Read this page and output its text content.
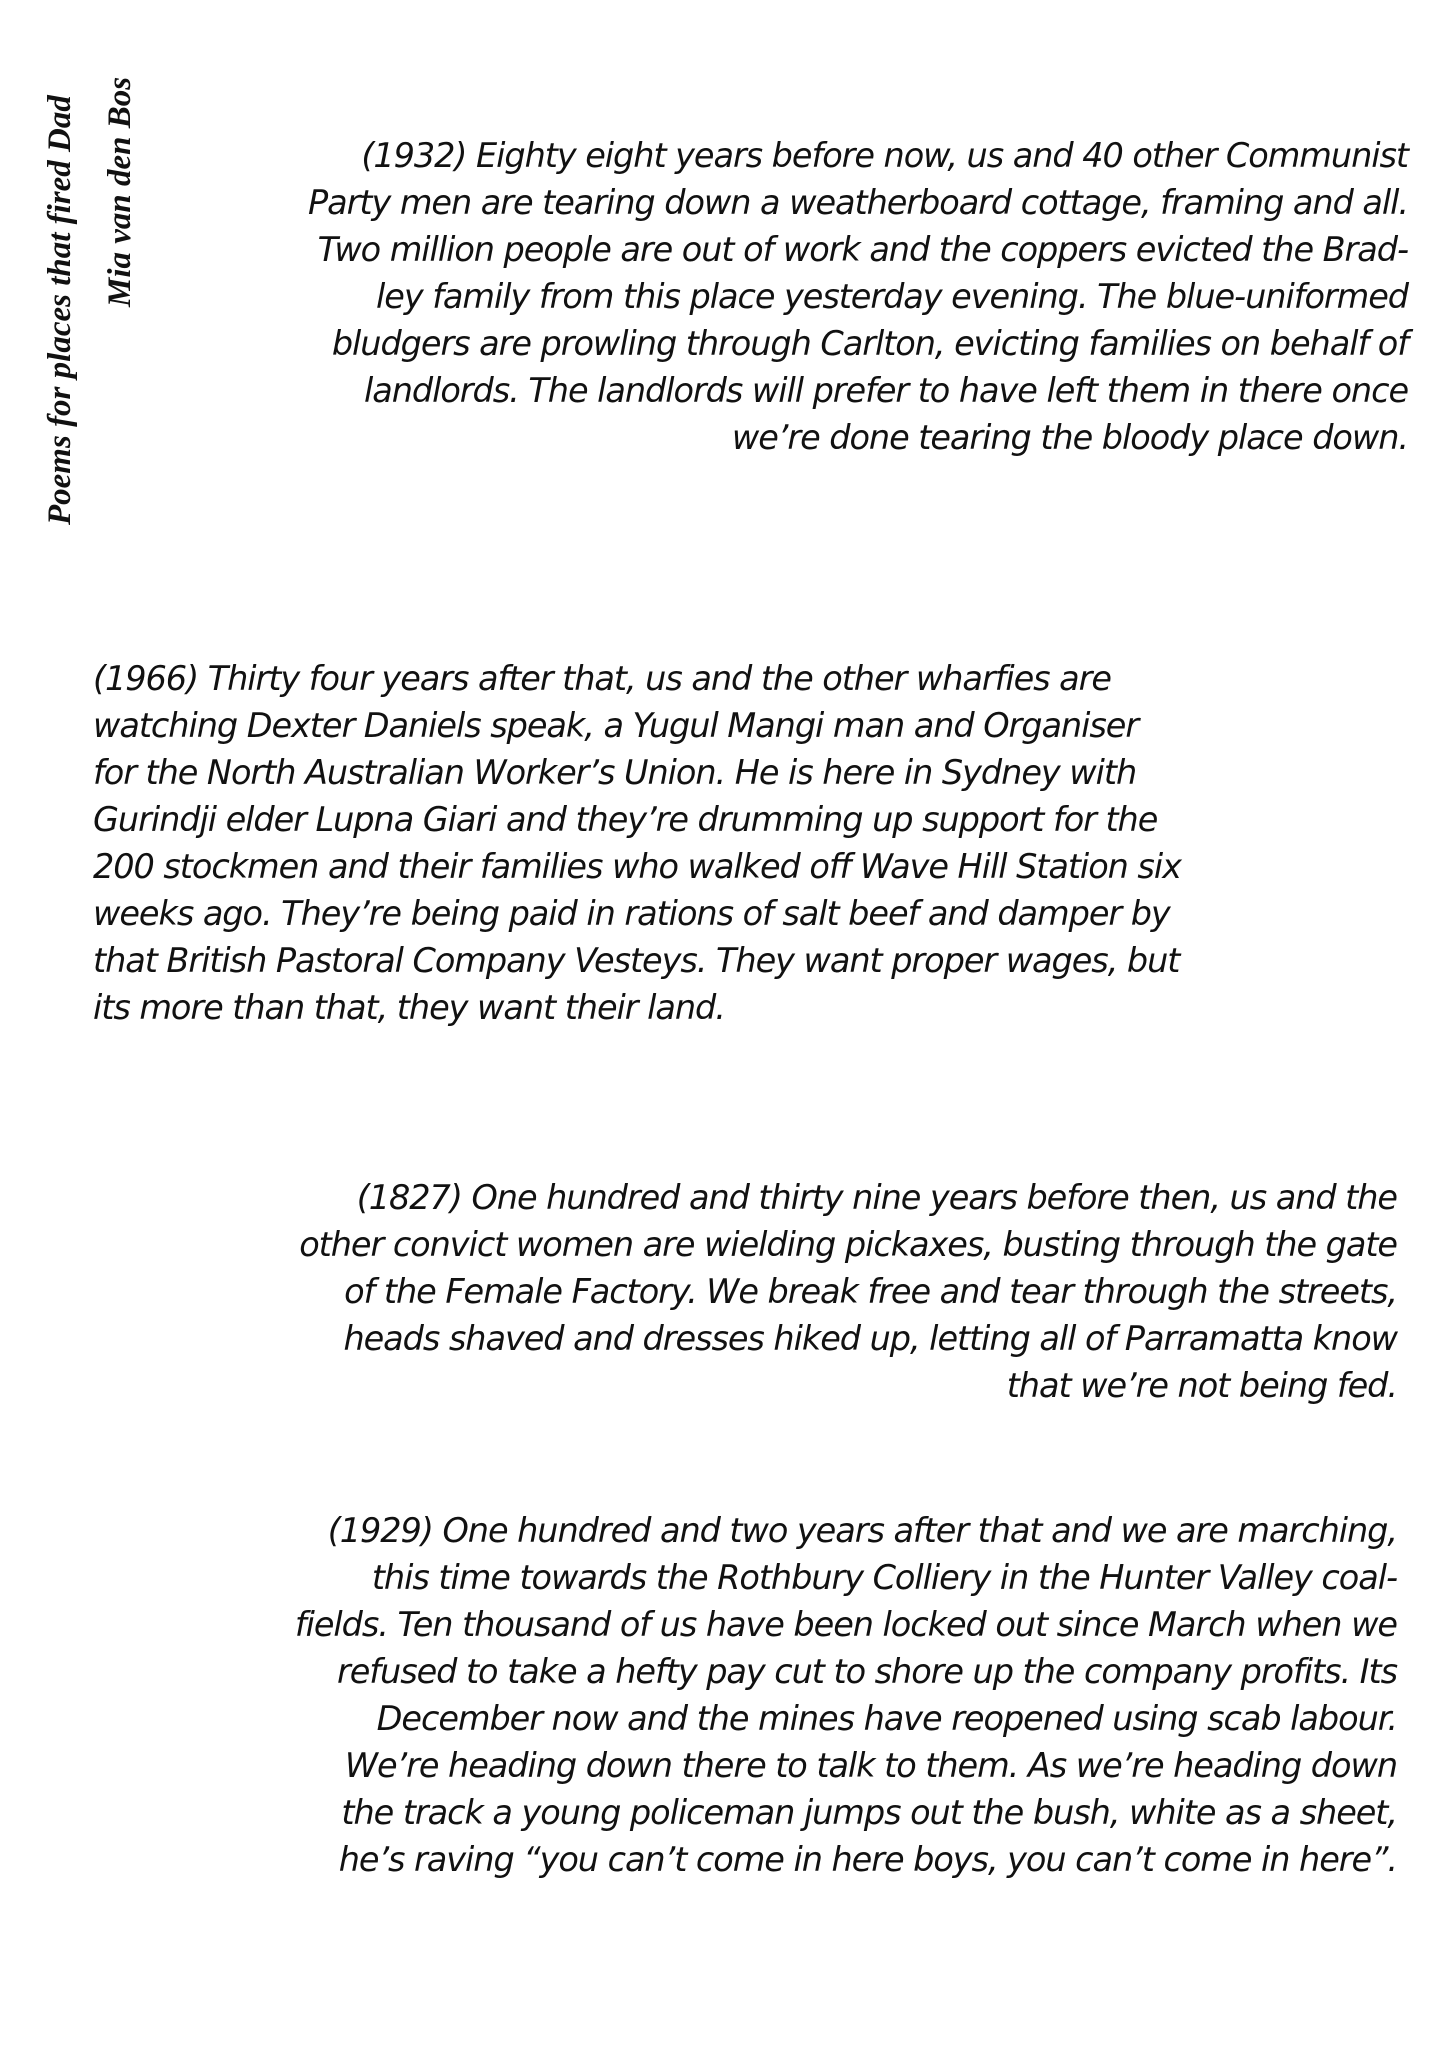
Poems for places that fired Dad Mia van den Bos	(1932) Eighty eight years before now, us and 40 other Communist
Party men are tearing down a weatherboard cottage, framing and all.
Two million people are out of work and the coppers evicted the Brad-
ley family from this place yesterday evening. The blue-uniformed
bludgers are prowling through Carlton, evicting families on behalf of
landlords. The landlords will prefer to have left them in there once
we’re done tearing the bloody place down.
(1966) Thirty four years after that, us and the other wharfies are
watching Dexter Daniels speak, a Yugul Mangi man and Organiser
for the North Australian Worker’s Union. He is here in Sydney with
Gurindji elder Lupna Giari and they’re drumming up support for the
200 stockmen and their families who walked off Wave Hill Station six
weeks ago. They’re being paid in rations of salt beef and damper by
that British Pastoral Company Vesteys. They want proper wages, but
its more than that, they want their land.
(1827) One hundred and thirty nine years before then, us and the
other convict women are wielding pickaxes, busting through the gate
of the Female Factory. We break free and tear through the streets,
heads shaved and dresses hiked up, letting all of Parramatta know
that we’re not being fed.
(1929) One hundred and two years after that and we are marching,
this time towards the Rothbury Colliery in the Hunter Valley coal-
fields. Ten thousand of us have been locked out since March when we
refused to take a hefty pay cut to shore up the company profits. Its
December now and the mines have reopened using scab labour.
We’re heading down there to talk to them. As we’re heading down
the track a young policeman jumps out the bush, white as a sheet,
he’s raving “you can’t come in here boys, you can’t come in here”.
